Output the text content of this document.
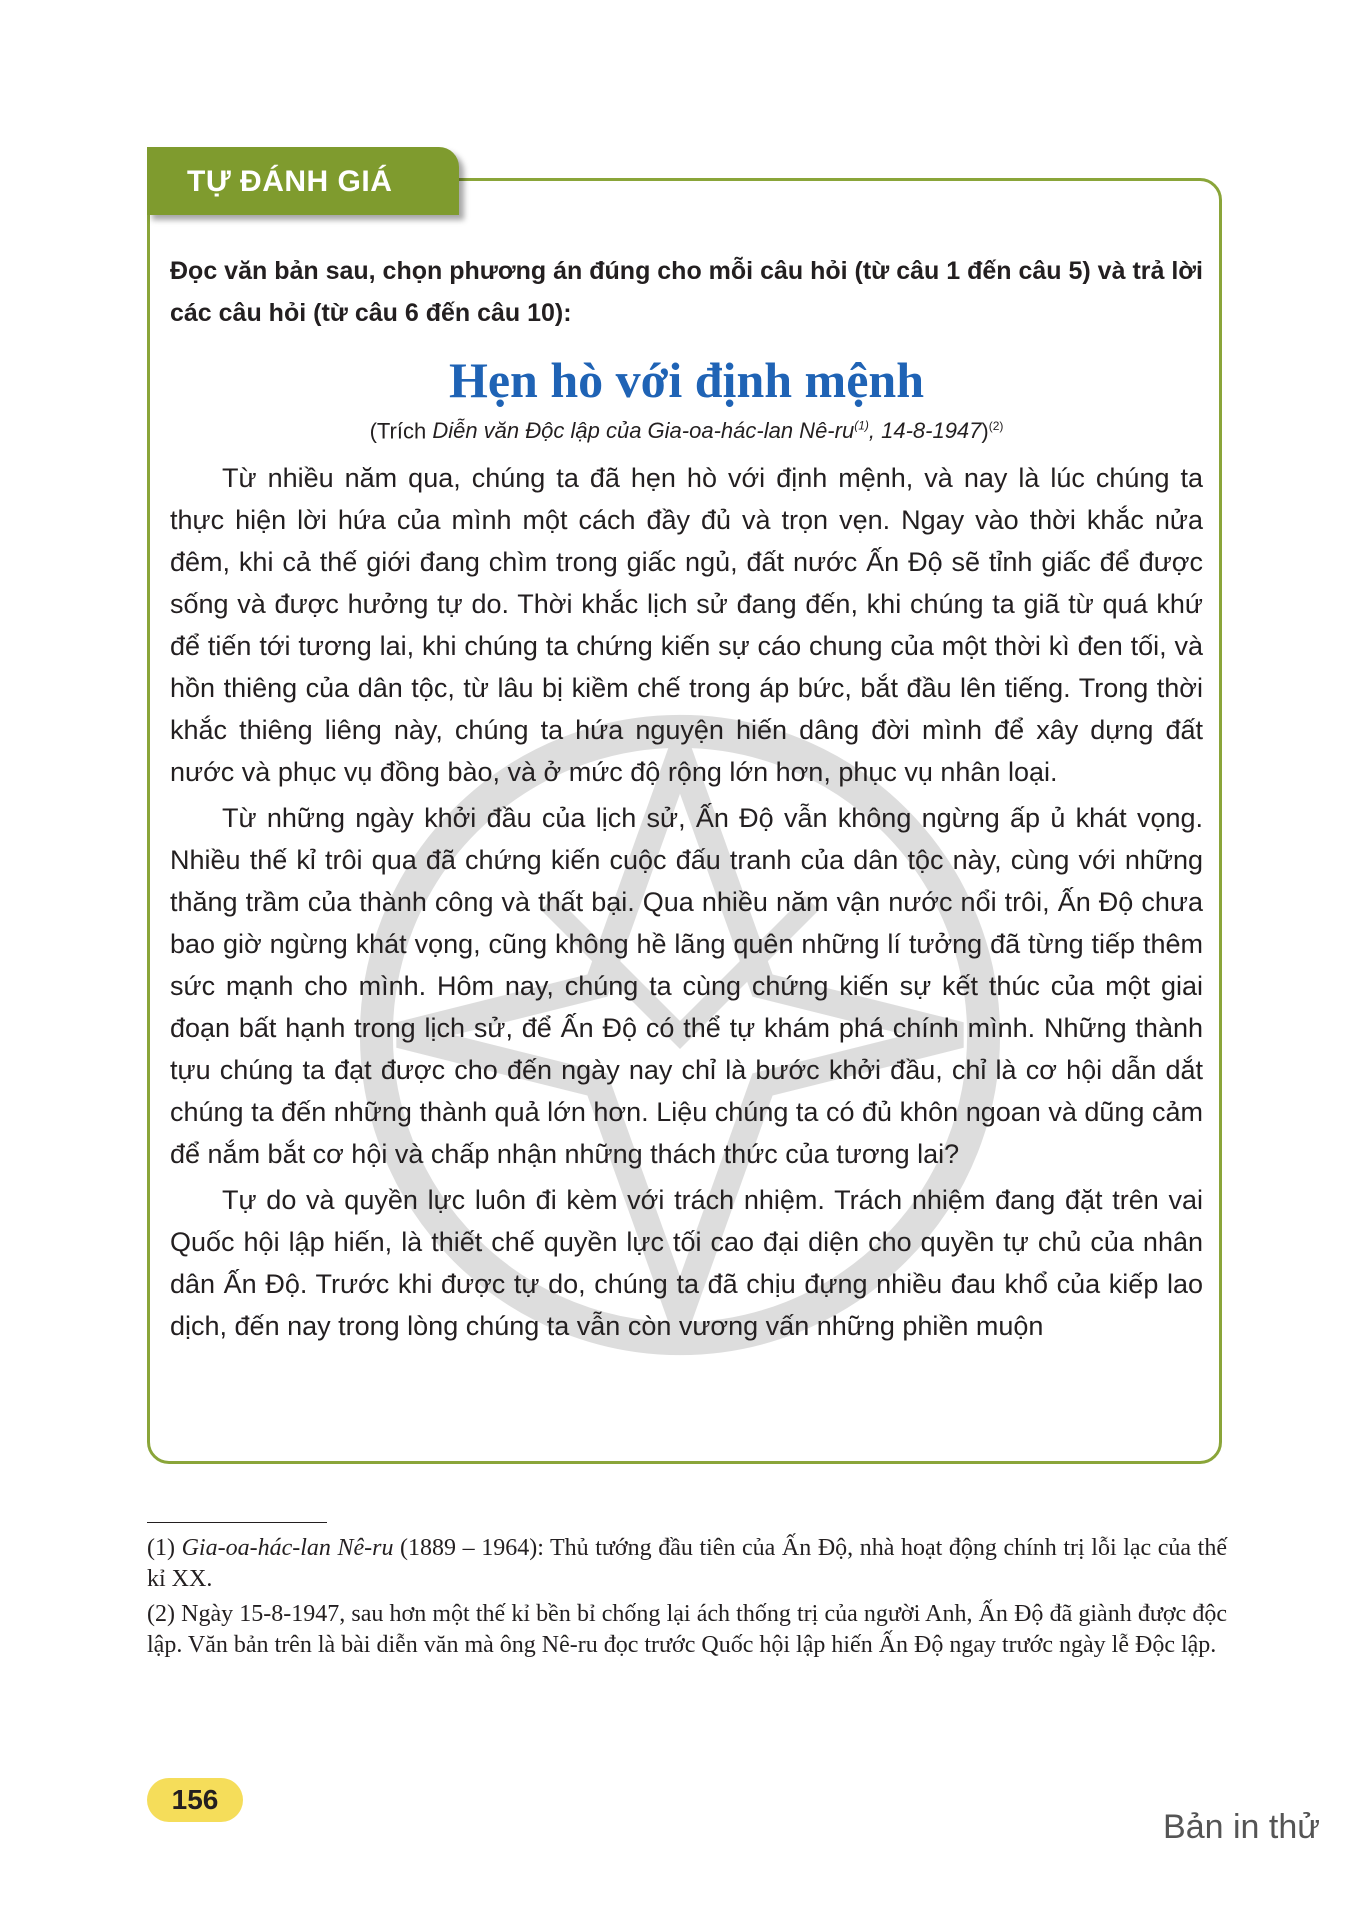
TỰ ĐÁNH GIÁ

Đọc văn bản sau, chọn phương án đúng cho mỗi câu hỏi (từ câu 1 đến câu 5) và trả lời các câu hỏi (từ câu 6 đến câu 10):

Hẹn hò với định mệnh

(Trích Diễn văn Độc lập của Gia-oa-hác-lan $Nê-ru^{(1)}$, 14-8-1947)$^{(2)}$

Từ nhiều năm qua, chúng ta đã hẹn hò với định mệnh, và nay là lúc chúng ta thực hiện lời hứa của mình một cách đầy đủ và trọn vẹn. Ngay vào thời khắc nửa đêm, khi cả thế giới đang chìm trong giấc ngủ, đất nước Ấn Độ sẽ tỉnh giấc để được sống và được hưởng tự do. Thời khắc lịch sử đang đến, khi chúng ta giã từ quá khứ để tiến tới tương lai, khi chúng ta chứng kiến sự cáo chung của một thời kì đen tối, và hồn thiêng của dân tộc, từ lâu bị kiềm chế trong áp bức, bắt đầu lên tiếng. Trong thời khắc thiêng liêng này, chúng ta hứa nguyện hiến dâng đời mình để xây dựng đất nước và phục vụ đồng bào, và ở mức độ rộng lớn hơn, phục vụ nhân loại.

Từ những ngày khởi đầu của lịch sử, Ấn Độ vẫn không ngừng ấp ủ khát vọng. Nhiều thế kỉ trôi qua đã chứng kiến cuộc đấu tranh của dân tộc này, cùng với những thăng trầm của thành công và thất bại. Qua nhiều năm vận nước nổi trôi, Ấn Độ chưa bao giờ ngừng khát vọng, cũng không hề lãng quên những lí tưởng đã từng tiếp thêm sức mạnh cho mình. Hôm nay, chúng ta cùng chứng kiến sự kết thúc của một giai đoạn bất hạnh trong lịch sử, để Ấn Độ có thể tự khám phá chính mình. Những thành tựu chúng ta đạt được cho đến ngày nay chỉ là bước khởi đầu, chỉ là cơ hội dẫn dắt chúng ta đến những thành quả lớn hơn. Liệu chúng ta có đủ khôn ngoan và dũng cảm để nắm bắt cơ hội và chấp nhận những thách thức của tương lai?

Tự do và quyền lực luôn đi kèm với trách nhiệm. Trách nhiệm đang đặt trên vai Quốc hội lập hiến, là thiết chế quyền lực tối cao đại diện cho quyền tự chủ của nhân dân Ấn Độ. Trước khi được tự do, chúng ta đã chịu đựng nhiều đau khổ của kiếp lao dịch, đến nay trong lòng chúng ta vẫn còn vương vấn những phiền muộn

(1) Gia-oa-hác-lan Nê-ru (1889 – 1964): Thủ tướng đầu tiên của Ấn Độ, nhà hoạt động chính trị lỗi lạc của thế kỉ XX.

(2) Ngày 15-8-1947, sau hơn một thế kỉ bền bỉ chống lại ách thống trị của người Anh, Ấn Độ đã giành được độc lập. Văn bản trên là bài diễn văn mà ông Nê-ru đọc trước Quốc hội lập hiến Ấn Độ ngay trước ngày lễ Độc lập.

156
Bản in thử
